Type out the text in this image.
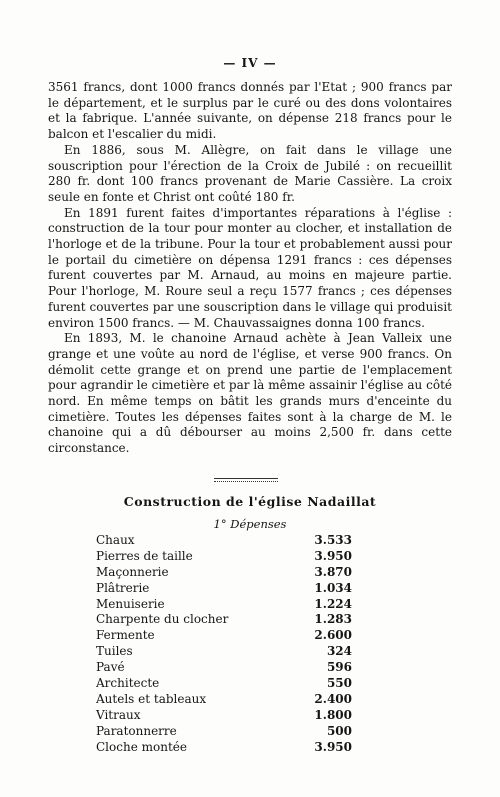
— IV —

3561 francs, dont 1000 francs donnés par l'Etat ; 900 francs par le département, et le surplus par le curé ou des dons volontaires et la fabrique. L'année suivante, on dépense 218 francs pour le balcon et l'escalier du midi.

En 1886, sous M. Allègre, on fait dans le village une souscription pour l'érection de la Croix de Jubilé : on recueillit 280 fr. dont 100 francs provenant de Marie Cassière. La croix seule en fonte et Christ ont coûté 180 fr.

En 1891 furent faites d'importantes réparations à l'église : construction de la tour pour monter au clocher, et installation de l'horloge et de la tribune. Pour la tour et probablement aussi pour le portail du cimetière on dépensa 1291 francs : ces dépenses furent couvertes par M. Arnaud, au moins en majeure partie. Pour l'horloge, M. Roure seul a reçu 1577 francs ; ces dépenses furent couvertes par une souscription dans le village qui produisit environ 1500 francs. — M. Chauvassaignes donna 100 francs.

En 1893, M. le chanoine Arnaud achète à Jean Valleix une grange et une voûte au nord de l'église, et verse 900 francs. On démolit cette grange et on prend une partie de l'emplacement pour agrandir le cimetière et par là même assainir l'église au côté nord. En même temps on bâtit les grands murs d'enceinte du cimetière. Toutes les dépenses faites sont à la charge de M. le chanoine qui a dû débourser au moins 2,500 fr. dans cette circonstance.

Construction de l'église Nadaillat
1° Dépenses
Chaux	3.533
Pierres de taille	3.950
Maçonnerie	3.870
Plâtrerie	1.034
Menuiserie	1.224
Charpente du clocher	1.283
Fermente	2.600
Tuiles	324
Pavé	596
Architecte	550
Autels et tableaux	2.400
Vitraux	1.800
Paratonnerre	500
Cloche montée	3.950
